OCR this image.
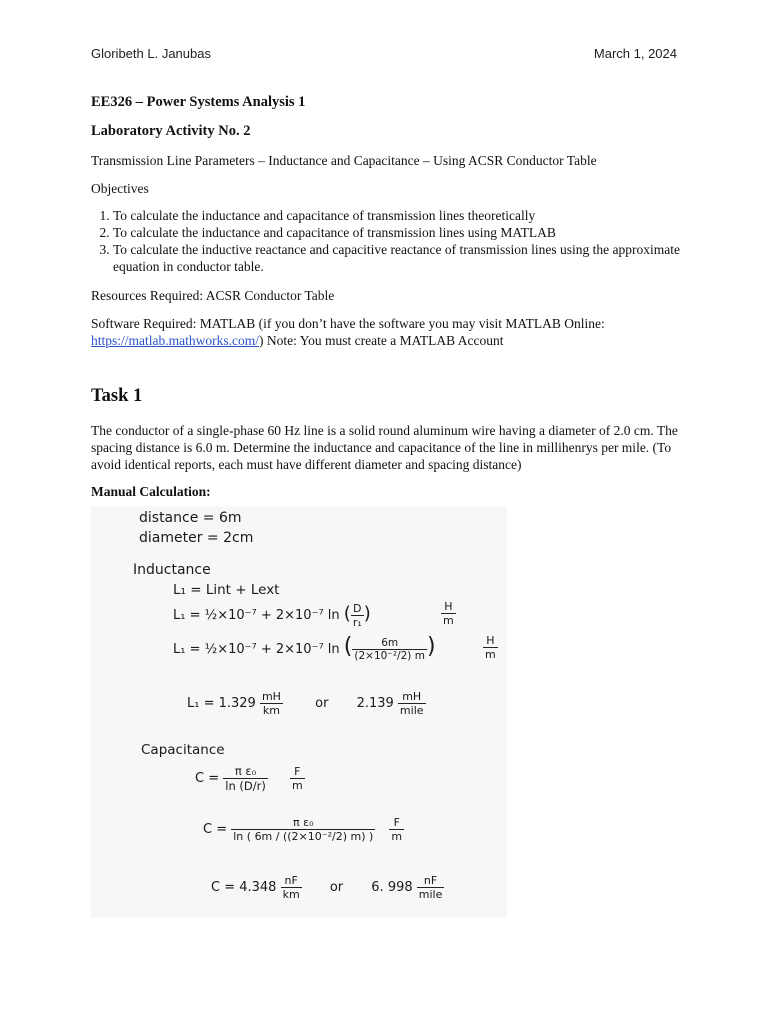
Gloribeth L. Janubas	March 1, 2024
EE326 – Power Systems Analysis 1
Laboratory Activity No. 2
Transmission Line Parameters – Inductance and Capacitance – Using ACSR Conductor Table
Objectives
1. To calculate the inductance and capacitance of transmission lines theoretically
2. To calculate the inductance and capacitance of transmission lines using MATLAB
3. To calculate the inductive reactance and capacitive reactance of transmission lines using the approximate equation in conductor table.
Resources Required: ACSR Conductor Table
Software Required: MATLAB (if you don’t have the software you may visit MATLAB Online: https://matlab.mathworks.com/) Note: You must create a MATLAB Account
Task 1
The conductor of a single-phase 60 Hz line is a solid round aluminum wire having a diameter of 2.0 cm. The spacing distance is 6.0 m. Determine the inductance and capacitance of the line in millihenrys per mile. (To avoid identical reports, each must have different diameter and spacing distance)
Manual Calculation:
distance = 6m
diameter = 2cm
Inductance
L₁ = Lint + Lext
L₁ = ½×10⁻⁷ + 2×10⁻⁷ ln ( $\frac{D}{\text{r₁}}$ )	$\frac{H}{m}$
L₁ = ½×10⁻⁷ + 2×10⁻⁷ ln ( $\frac{6m}{\text{(2×10⁻²/2) m}}$ )	$\frac{H}{m}$
$L_1 = 1.329 \frac{mH}{km}$ or $2.139 \frac{mH}{\text{mile}}$
Capacitance
$C = \frac{\text{π ε₀}}{\ln (D/r)}$
$\frac{F}{m}$
$C = \frac{\text{π ε₀}}{\text{ln ( 6m / ((2×10⁻²/2) m) )}}$
$\frac{F}{m}$
$C = 4.348 \frac{nF}{km}$ or 6. $998 \frac{nF}{\text{mile}}$
